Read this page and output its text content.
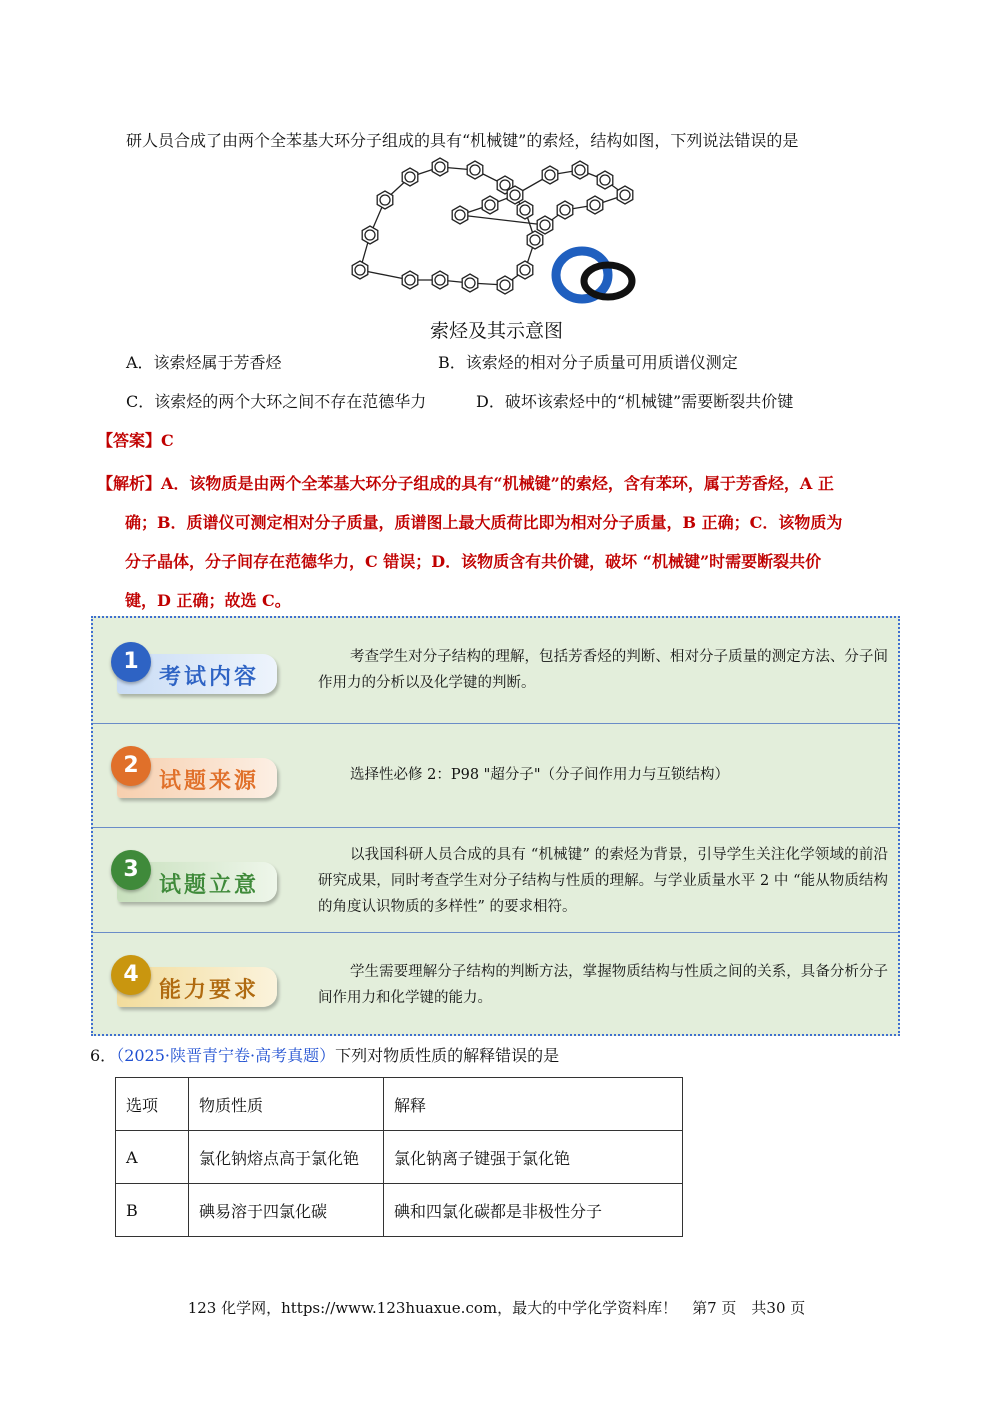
研人员合成了由两个全苯基大环分子组成的具有“机械键”的索烃，结构如图，下列说法错误的是
索烃及其示意图
A．该索烃属于芳香烃	B．该索烃的相对分子质量可用质谱仪测定
C．该索烃的两个大环之间不存在范德华力	D．破坏该索烃中的“机械键”需要断裂共价键
【答案】C
【解析】A．该物质是由两个全苯基大环分子组成的具有“机械键”的索烃，含有苯环，属于芳香烃，A 正
确；B．质谱仪可测定相对分子质量，质谱图上最大质荷比即为相对分子质量，B 正确；C．该物质为
分子晶体，分子间存在范德华力，C 错误；D．该物质含有共价键，破坏 “机械键”时需要断裂共价
键，D 正确；故选 C。
1
考试内容
考查学生对分子结构的理解，包括芳香烃的判断、相对分子质量的测定方法、分子间作用力的分析以及化学键的判断。
2
试题来源	选择性必修 2：P98 "超分子"（分子间作用力与互锁结构）
3
试题立意
以我国科研人员合成的具有 “机械键” 的索烃为背景，引导学生关注化学领域的前沿研究成果，同时考查学生对分子结构与性质的理解。与学业质量水平 2 中 “能从物质结构的角度认识物质的多样性” 的要求相符。
4
能力要求
学生需要理解分子结构的判断方法，掌握物质结构与性质之间的关系，具备分析分子间作用力和化学键的能力。
6．（2025·陕晋青宁卷·高考真题）下列对物质性质的解释错误的是
选项	物质性质	解释
A	氯化钠熔点高于氯化铯	氯化钠离子键强于氯化铯
B	碘易溶于四氯化碳	碘和四氯化碳都是非极性分子
123 化学网，https://www.123huaxue.com，最大的中学化学资料库！　第7 页　共30 页
